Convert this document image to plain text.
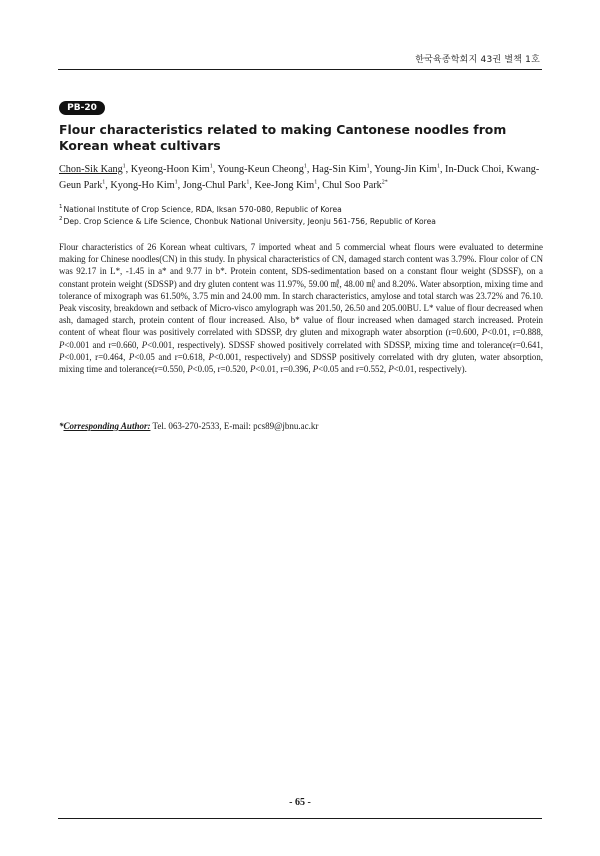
한국육종학회지 43권 별책 1호
PB-20
Flour characteristics related to making Cantonese noodles from Korean wheat cultivars

Chon-Sik Kang$^1$, Kyeong-Hoon Kim$^1$, Young-Keun Cheong$^1$, Hag-Sin Kim$^1$, Young-Jin Kim$^1$, In-Duck Choi, Kwang-Geun Park$^1$, Kyong-Ho Kim$^1$, Jong-Chul Park$^1$, Kee-Jong Kim$^1$, Chul Soo Park$^{2*}$

$^1$National Institute of Crop Science, RDA, Iksan 570-080, Republic of Korea
$^2$Dep. Crop Science & Life Science, Chonbuk National University, Jeonju 561-756, Republic of Korea

Flour characteristics of 26 Korean wheat cultivars, 7 imported wheat and 5 commercial wheat flours were evaluated to determine making for Chinese noodles(CN) in this study. In physical characteristics of CN, damaged starch content was 3.79%. Flour color of CN was 92.17 in L*, -1.45 in a* and 9.77 in b*. Protein content, SDS-sedimentation based on a constant flour weight (SDSSF), on a constant protein weight (SDSSP) and dry gluten content was 11.97%, 59.00 ㎖, 48.00 ㎖ and 8.20%. Water absorption, mixing time and tolerance of mixograph was 61.50%, 3.75 min and 24.00 mm. In starch characteristics, amylose and total starch was 23.72% and 76.10. Peak viscosity, breakdown and setback of Micro-visco amylograph was 201.50, 26.50 and 205.00BU. L* value of flour decreased when ash, damaged starch, protein content of flour increased. Also, b* value of flour increased when damaged starch increased. Protein content of wheat flour was positively correlated with SDSSP, dry gluten and mixograph water absorption (r=0.600, P<0.01, r=0.888, P<0.001 and r=0.660, P<0.001, respectively). SDSSF showed positively correlated with SDSSP, mixing time and tolerance(r=0.641, P<0.001, r=0.464, P<0.05 and r=0.618, P<0.001, respectively) and SDSSP positively correlated with dry gluten, water absorption, mixing time and tolerance(r=0.550, P<0.05, r=0.520, P<0.01, r=0.396, P<0.05 and r=0.552, P<0.01, respectively).

*Corresponding Author: Tel. 063-270-2533, E-mail: pcs89@jbnu.ac.kr

- 65 -
